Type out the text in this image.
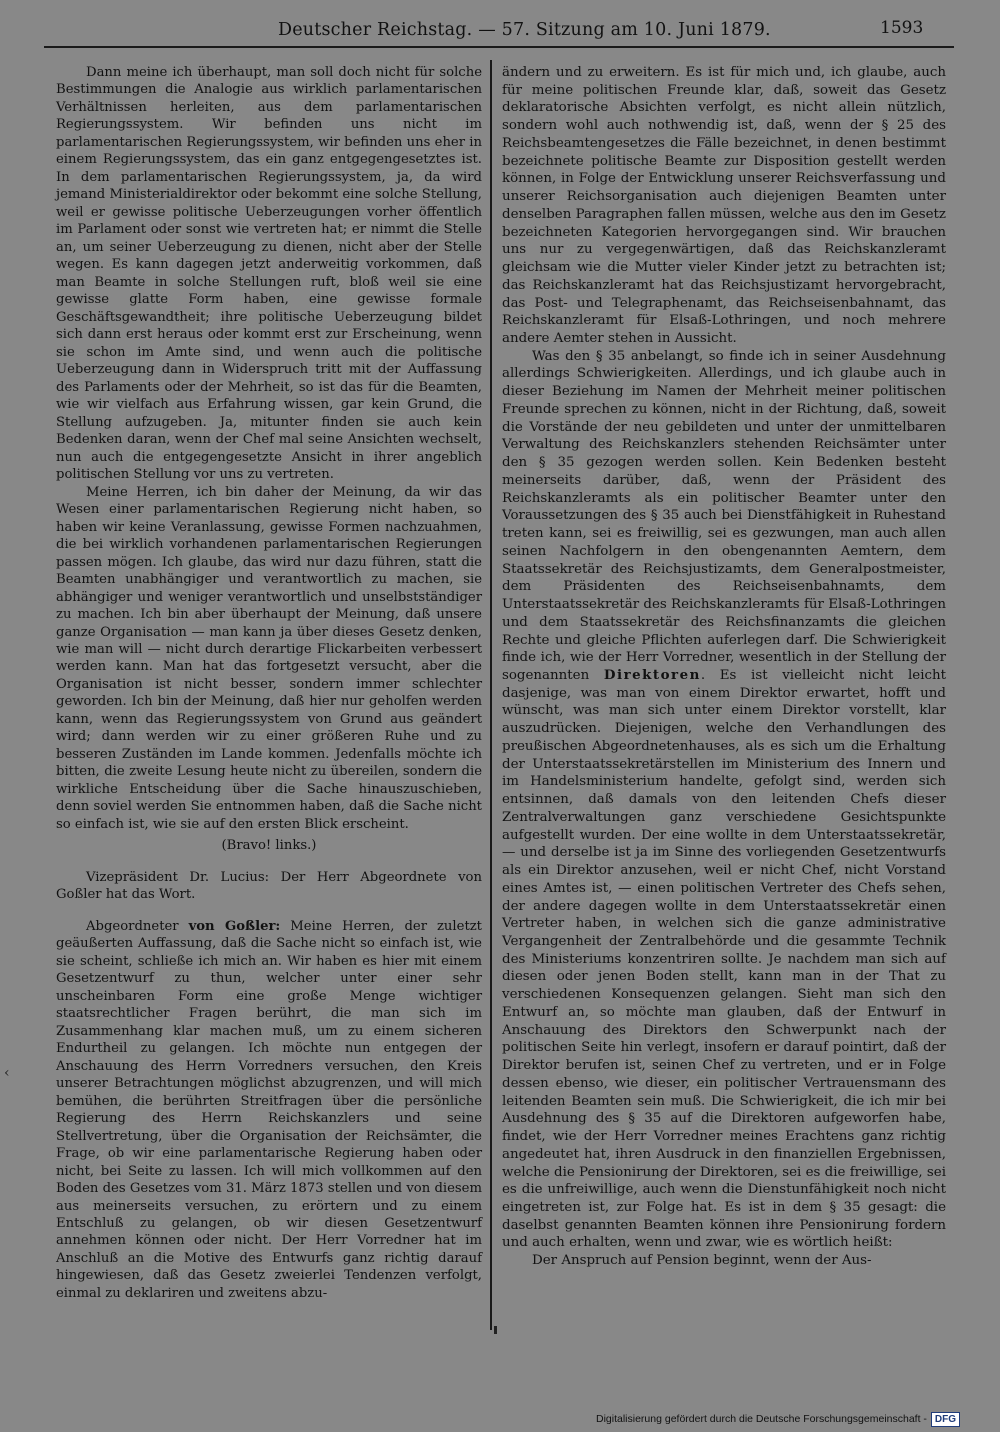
Deutscher Reichstag. — 57. Sitzung am 10. Juni 1879.	1593
‹

Dann meine ich überhaupt, man soll doch nicht für solche Bestimmungen die Analogie aus wirklich parlamentarischen Verhältnissen herleiten, aus dem parlamentarischen Regierungssystem. Wir befinden uns nicht im parlamentarischen Regierungssystem, wir befinden uns eher in einem Regierungssystem, das ein ganz entgegengesetztes ist. In dem parlamentarischen Regierungssystem, ja, da wird jemand Ministerialdirektor oder bekommt eine solche Stellung, weil er gewisse politische Ueberzeugungen vorher öffentlich im Parlament oder sonst wie vertreten hat; er nimmt die Stelle an, um seiner Ueberzeugung zu dienen, nicht aber der Stelle wegen. Es kann dagegen jetzt anderweitig vorkommen, daß man Beamte in solche Stellungen ruft, bloß weil sie eine gewisse glatte Form haben, eine gewisse formale Geschäftsgewandtheit; ihre politische Ueberzeugung bildet sich dann erst heraus oder kommt erst zur Erscheinung, wenn sie schon im Amte sind, und wenn auch die politische Ueberzeugung dann in Widerspruch tritt mit der Auffassung des Parlaments oder der Mehrheit, so ist das für die Beamten, wie wir vielfach aus Erfahrung wissen, gar kein Grund, die Stellung aufzugeben. Ja, mitunter finden sie auch kein Bedenken daran, wenn der Chef mal seine Ansichten wechselt, nun auch die entgegengesetzte Ansicht in ihrer angeblich politischen Stellung vor uns zu vertreten.

Meine Herren, ich bin daher der Meinung, da wir das Wesen einer parlamentarischen Regierung nicht haben, so haben wir keine Veranlassung, gewisse Formen nachzuahmen, die bei wirklich vorhandenen parlamentarischen Regierungen passen mögen. Ich glaube, das wird nur dazu führen, statt die Beamten unabhängiger und verantwortlich zu machen, sie abhängiger und weniger verantwortlich und unselbstständiger zu machen. Ich bin aber überhaupt der Meinung, daß unsere ganze Organisation — man kann ja über dieses Gesetz denken, wie man will — nicht durch derartige Flickarbeiten verbessert werden kann. Man hat das fortgesetzt versucht, aber die Organisation ist nicht besser, sondern immer schlechter geworden. Ich bin der Meinung, daß hier nur geholfen werden kann, wenn das Regierungssystem von Grund aus geändert wird; dann werden wir zu einer größeren Ruhe und zu besseren Zuständen im Lande kommen. Jedenfalls möchte ich bitten, die zweite Lesung heute nicht zu übereilen, sondern die wirkliche Entscheidung über die Sache hinauszuschieben, denn soviel werden Sie entnommen haben, daß die Sache nicht so einfach ist, wie sie auf den ersten Blick erscheint.

(Bravo! links.)

Vizepräsident Dr. Lucius: Der Herr Abgeordnete von Goßler hat das Wort.

Abgeordneter von Goßler: Meine Herren, der zuletzt geäußerten Auffassung, daß die Sache nicht so einfach ist, wie sie scheint, schließe ich mich an. Wir haben es hier mit einem Gesetzentwurf zu thun, welcher unter einer sehr unscheinbaren Form eine große Menge wichtiger staatsrechtlicher Fragen berührt, die man sich im Zusammenhang klar machen muß, um zu einem sicheren Endurtheil zu gelangen. Ich möchte nun entgegen der Anschauung des Herrn Vorredners versuchen, den Kreis unserer Betrachtungen möglichst abzugrenzen, und will mich bemühen, die berührten Streitfragen über die persönliche Regierung des Herrn Reichskanzlers und seine Stellvertretung, über die Organisation der Reichsämter, die Frage, ob wir eine parlamentarische Regierung haben oder nicht, bei Seite zu lassen. Ich will mich vollkommen auf den Boden des Gesetzes vom 31. März 1873 stellen und von diesem aus meinerseits versuchen, zu erörtern und zu einem Entschluß zu gelangen, ob wir diesen Gesetzentwurf annehmen können oder nicht. Der Herr Vorredner hat im Anschluß an die Motive des Entwurfs ganz richtig darauf hingewiesen, daß das Gesetz zweierlei Tendenzen verfolgt, einmal zu deklariren und zweitens abzu-

ändern und zu erweitern. Es ist für mich und, ich glaube, auch für meine politischen Freunde klar, daß, soweit das Gesetz deklaratorische Absichten verfolgt, es nicht allein nützlich, sondern wohl auch nothwendig ist, daß, wenn der § 25 des Reichsbeamtengesetzes die Fälle bezeichnet, in denen bestimmt bezeichnete politische Beamte zur Disposition gestellt werden können, in Folge der Entwicklung unserer Reichsverfassung und unserer Reichsorganisation auch diejenigen Beamten unter denselben Paragraphen fallen müssen, welche aus den im Gesetz bezeichneten Kategorien hervorgegangen sind. Wir brauchen uns nur zu vergegenwärtigen, daß das Reichskanzleramt gleichsam wie die Mutter vieler Kinder jetzt zu betrachten ist; das Reichskanzleramt hat das Reichsjustizamt hervorgebracht, das Post- und Telegraphenamt, das Reichseisenbahnamt, das Reichskanzleramt für Elsaß-Lothringen, und noch mehrere andere Aemter stehen in Aussicht.

Was den § 35 anbelangt, so finde ich in seiner Ausdehnung allerdings Schwierigkeiten. Allerdings, und ich glaube auch in dieser Beziehung im Namen der Mehrheit meiner politischen Freunde sprechen zu können, nicht in der Richtung, daß, soweit die Vorstände der neu gebildeten und unter der unmittelbaren Verwaltung des Reichskanzlers stehenden Reichsämter unter den § 35 gezogen werden sollen. Kein Bedenken besteht meinerseits darüber, daß, wenn der Präsident des Reichskanzleramts als ein politischer Beamter unter den Voraussetzungen des § 35 auch bei Dienstfähigkeit in Ruhestand treten kann, sei es freiwillig, sei es gezwungen, man auch allen seinen Nachfolgern in den obengenannten Aemtern, dem Staatssekretär des Reichsjustizamts, dem Generalpostmeister, dem Präsidenten des Reichseisenbahnamts, dem Unterstaatssekretär des Reichskanzleramts für Elsaß-Lothringen und dem Staatssekretär des Reichsfinanzamts die gleichen Rechte und gleiche Pflichten auferlegen darf. Die Schwierigkeit finde ich, wie der Herr Vorredner, wesentlich in der Stellung der sogenannten Direktoren. Es ist vielleicht nicht leicht dasjenige, was man von einem Direktor erwartet, hofft und wünscht, was man sich unter einem Direktor vorstellt, klar auszudrücken. Diejenigen, welche den Verhandlungen des preußischen Abgeordnetenhauses, als es sich um die Erhaltung der Unterstaatssekretärstellen im Ministerium des Innern und im Handelsministerium handelte, gefolgt sind, werden sich entsinnen, daß damals von den leitenden Chefs dieser Zentralverwaltungen ganz verschiedene Gesichtspunkte aufgestellt wurden. Der eine wollte in dem Unterstaatssekretär, — und derselbe ist ja im Sinne des vorliegenden Gesetzentwurfs als ein Direktor anzusehen, weil er nicht Chef, nicht Vorstand eines Amtes ist, — einen politischen Vertreter des Chefs sehen, der andere dagegen wollte in dem Unterstaatssekretär einen Vertreter haben, in welchen sich die ganze administrative Vergangenheit der Zentralbehörde und die gesammte Technik des Ministeriums konzentriren sollte. Je nachdem man sich auf diesen oder jenen Boden stellt, kann man in der That zu verschiedenen Konsequenzen gelangen. Sieht man sich den Entwurf an, so möchte man glauben, daß der Entwurf in Anschauung des Direktors den Schwerpunkt nach der politischen Seite hin verlegt, insofern er darauf pointirt, daß der Direktor berufen ist, seinen Chef zu vertreten, und er in Folge dessen ebenso, wie dieser, ein politischer Vertrauensmann des leitenden Beamten sein muß. Die Schwierigkeit, die ich mir bei Ausdehnung des § 35 auf die Direktoren aufgeworfen habe, findet, wie der Herr Vorredner meines Erachtens ganz richtig angedeutet hat, ihren Ausdruck in den finanziellen Ergebnissen, welche die Pensionirung der Direktoren, sei es die freiwillige, sei es die unfreiwillige, auch wenn die Dienstunfähigkeit noch nicht eingetreten ist, zur Folge hat. Es ist in dem § 35 gesagt: die daselbst genannten Beamten können ihre Pensionirung fordern und auch erhalten, wenn und zwar, wie es wörtlich heißt:

Der Anspruch auf Pension beginnt, wenn der Aus-

Digitalisierung gefördert durch die Deutsche Forschungsgemeinschaft - DFG
